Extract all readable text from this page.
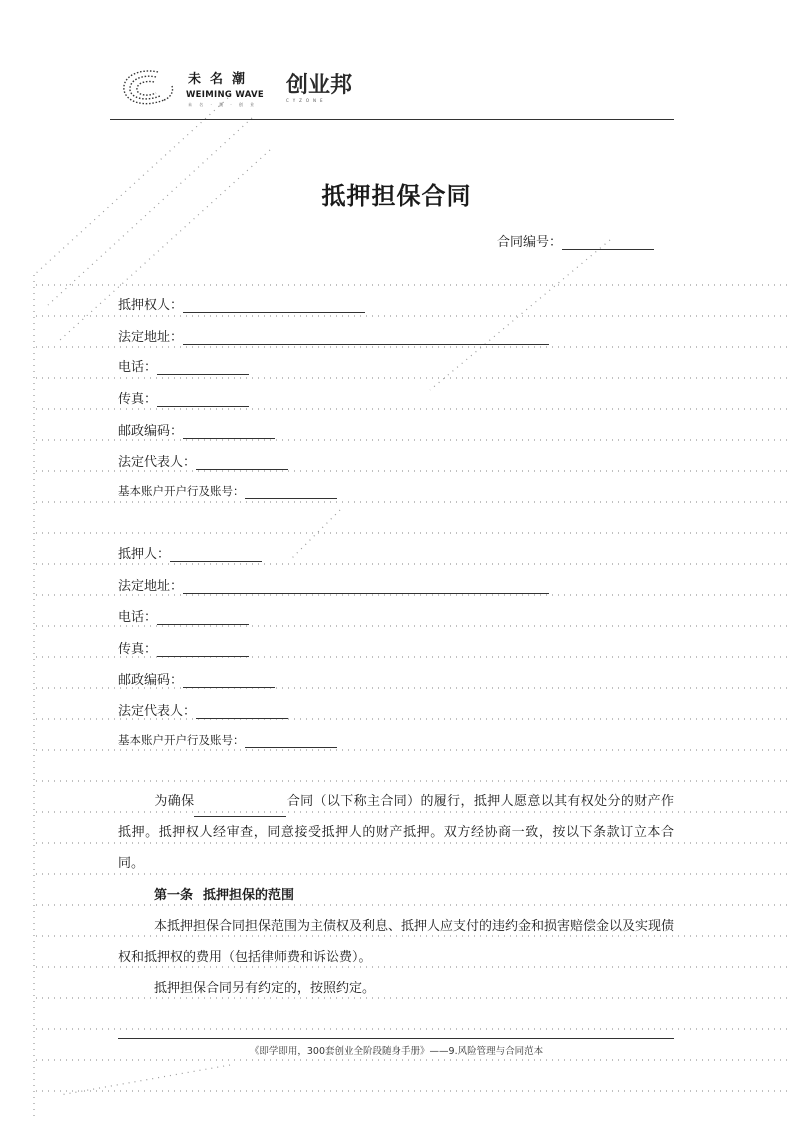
未名潮
WEIMING WAVE
未 名 · 潮 · 创 业
创业邦
CYZONE
抵押担保合同
合同编号：
抵押权人：
法定地址：
电话：
传真：
邮政编码：
法定代表人：
基本账户开户行及账号：
抵押人：
法定地址：
电话：
传真：
邮政编码：
法定代表人：
基本账户开户行及账号：
为确保	合同（以下称主合同）的履行，抵押人愿意以其有权处分的财产作抵押。抵押权人经审查，同意接受抵押人的财产抵押。双方经协商一致，按以下条款订立本合同。
第一条 抵押担保的范围
本抵押担保合同担保范围为主债权及利息、抵押人应支付的违约金和损害赔偿金以及实现债权和抵押权的费用（包括律师费和诉讼费）。
抵押担保合同另有约定的，按照约定。
《即学即用，300套创业全阶段随身手册》——9.风险管理与合同范本
